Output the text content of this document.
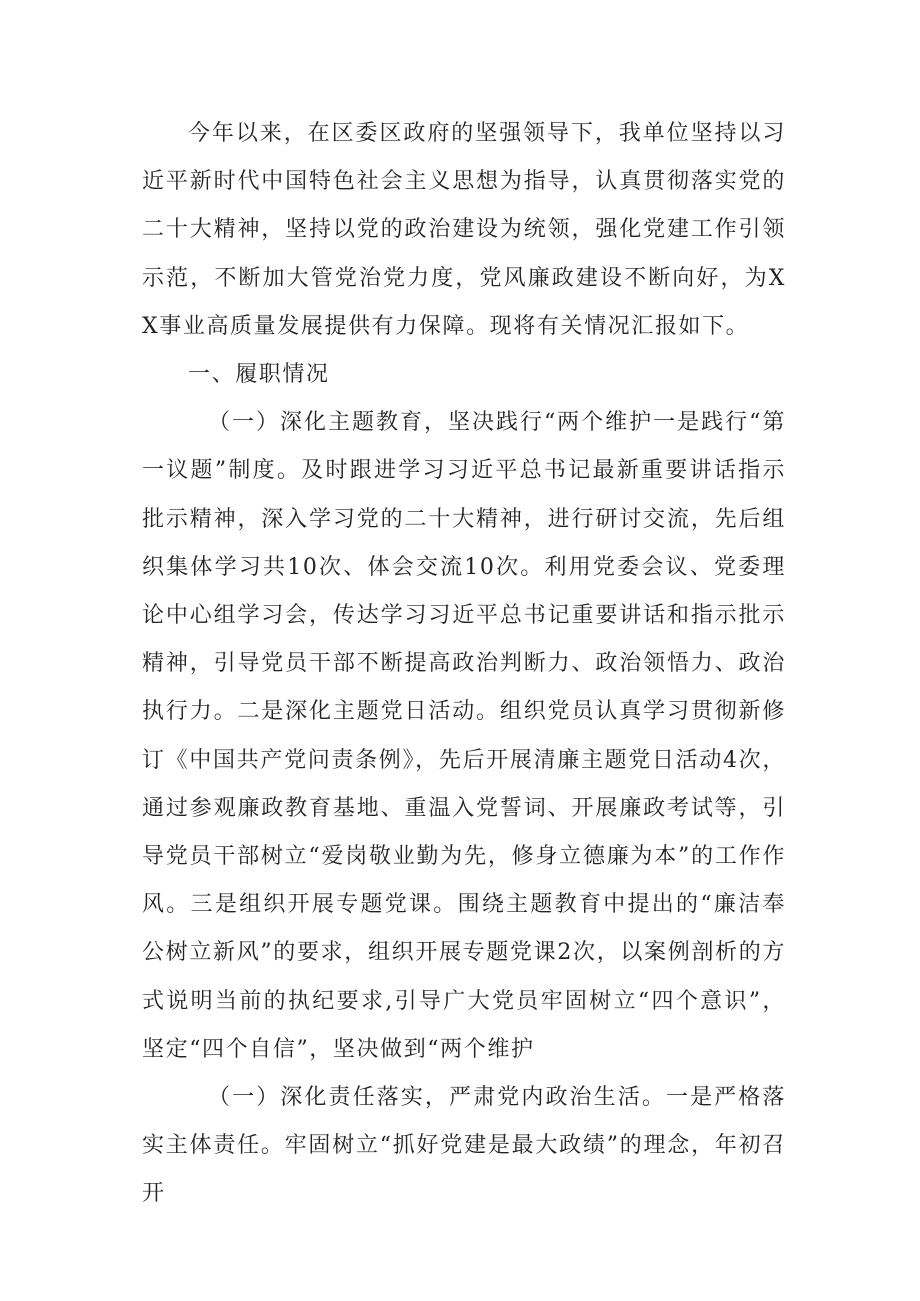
今年以来，在区委区政府的坚强领导下，我单位坚持以习近平新时代中国特色社会主义思想为指导，认真贯彻落实党的二十大精神，坚持以党的政治建设为统领，强化党建工作引领示范，不断加大管党治党力度，党风廉政建设不断向好，为XX事业高质量发展提供有力保障。现将有关情况汇报如下。

一、履职情况

（一）深化主题教育，坚决践行“两个维护一是践行“第一议题”制度。及时跟进学习习近平总书记最新重要讲话指示批示精神，深入学习党的二十大精神，进行研讨交流，先后组织集体学习共10次、体会交流10次。利用党委会议、党委理论中心组学习会，传达学习习近平总书记重要讲话和指示批示精神，引导党员干部不断提高政治判断力、政治领悟力、政治执行力。二是深化主题党日活动。组织党员认真学习贯彻新修订《中国共产党问责条例》，先后开展清廉主题党日活动4次，通过参观廉政教育基地、重温入党誓词、开展廉政考试等，引导党员干部树立“爱岗敬业勤为先，修身立德廉为本”的工作作风。三是组织开展专题党课。围绕主题教育中提出的“廉洁奉公树立新风”的要求，组织开展专题党课2次，以案例剖析的方式说明当前的执纪要求,引导广大党员牢固树立“四个意识”，坚定“四个自信”，坚决做到“两个维护

（一）深化责任落实，严肃党内政治生活。一是严格落实主体责任。牢固树立“抓好党建是最大政绩”的理念，年初召开
